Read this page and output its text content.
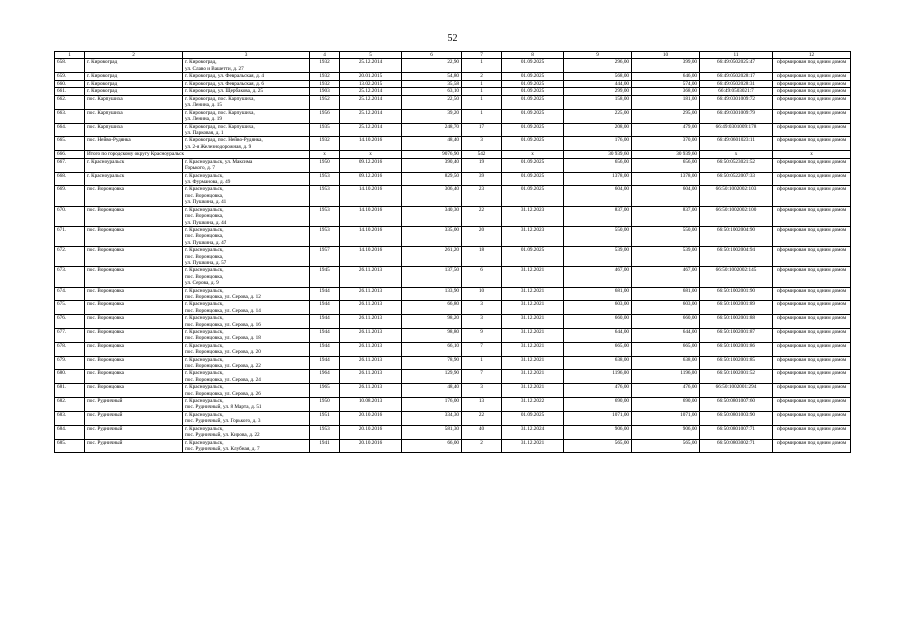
52
1	2	3	4	5	6	7	8	9	10	11	12
658.	г. Кировоград	г. Кировоград,
ул. Славо и Вашетти, д. 27	1932	25.12.2014	22,90	1	01.09.2025	296,00	399,00	66:49:0502025:47	сформирован под одним домом
659.	г. Кировоград	г. Кировоград, ул. Февральская, д. 4	1932	20.01.2015	54,80	2	01.09.2025	568,00	646,00	66:49:0502028:17	сформирован под одним домом
660.	г. Кировоград	г. Кировоград, ул. Февральская, д. 6	1932	13.02.2015	35,58	1	01.09.2025	444,00	574,00	66:49:0502028:31	сформирован под одним домом
661.	г. Кировоград	г. Кировоград, ул. Щербакова, д. 25	1903	25.12.2014	63,10	1	01.09.2025	299,00	368,00	66:49:0503021:7	сформирован под одним домом
662.	пос. Карпушиха	г. Кировоград, пос. Карпушиха,
ул. Ленина, д. 15	1952	25.12.2014	22,50	1	01.09.2025	158,00	181,00	66:49:0301009:72	сформирован под одним домом
663.	пос. Карпушиха	г. Кировоград, пос. Карпушиха,
ул. Ленина, д. 19	1956	25.12.2014	39,20	1	01.09.2025	225,00	295,00	66:49:0301009:79	сформирован под одним домом
664.	пос. Карпушиха	г. Кировоград, пос. Карпушиха,
ул. Парковая, д. 1	1935	25.12.2014	248,70	17	01.09.2025	208,00	479,00	66:49:0301009:178	сформирован под одним домом
665.	пос. Нейво-Рудянка	г. Кировоград, пос. Нейво-Рудянка,
ул. 2-я Железнодорожная, д. 9	1932	14.10.2016	48,40	3	01.09.2025	176,00	370,00	66:49:0601023:11	сформирован под одним домом
666.	Итого по городскому округу Красноуральск		x	x	9076,90	542	x	30 939,60	30 939,60	x	x
667.	г. Красноуральск	г. Красноуральск, ул. Максима
Горького, д. 7	1950	09.12.2016	390,40	19	01.09.2025	656,00	656,00	66:50:0523021:52	сформирован под одним домом
668.	г. Красноуральск	г. Красноуральск,
ул. Фурманова, д. 49	1953	09.12.2016	829,50	39	01.09.2025	1378,00	1378,00	66:50:0522007:33	сформирован под одним домом
669.	пос. Воронцовка	г. Красноуральск,
пос. Воронцовка,
ул. Пушкина, д. 41	1953	14.10.2016	306,40	23	01.09.2025	604,00	604,00	66:50:1002002:103	сформирован под одним домом
670.	пос. Воронцовка	г. Красноуральск,
пос. Воронцовка,
ул. Пушкина, д. 44	1953	14.10.2016	340,30	22	31.12.2023	837,00	837,00	66:50:1002002:100	сформирован под одним домом
671.	пос. Воронцовка	г. Красноуральск,
пос. Воронцовка,
ул. Пушкина, д. 47	1953	14.10.2016	335,00	20	31.12.2023	550,00	550,00	66:50:1002004:90	сформирован под одним домом
672.	пос. Воронцовка	г. Красноуральск,
пос. Воронцовка,
ул. Пушкина, д. 57	1957	14.10.2016	261,20	18	01.09.2025	539,00	539,00	66:50:1002004:94	сформирован под одним домом
673.	пос. Воронцовка	г. Красноуральск,
пос. Воронцовка,
ул. Серова, д. 9	1945	26.11.2013	137,50	6	31.12.2021	467,00	467,00	66:50:1002002:145	сформирован под одним домом
674.	пос. Воронцовка	г. Красноуральск,
пос. Воронцовка, ул. Серова, д. 12	1944	26.11.2013	133,90	10	31.12.2021	681,00	681,00	66:50:1002001:90	сформирован под одним домом
675.	пос. Воронцовка	г. Красноуральск,
пос. Воронцовка, ул. Серова, д. 14	1944	26.11.2013	66,80	3	31.12.2021	603,00	603,00	66:50:1002001:89	сформирован под одним домом
676.	пос. Воронцовка	г. Красноуральск,
пос. Воронцовка, ул. Серова, д. 16	1944	26.11.2013	98,20	3	31.12.2021	660,00	660,00	66:50:1002001:88	сформирован под одним домом
677.	пос. Воронцовка	г. Красноуральск,
пос. Воронцовка, ул. Серова, д. 18	1944	26.11.2013	98,80	9	31.12.2021	644,00	644,00	66:50:1002001:87	сформирован под одним домом
678.	пос. Воронцовка	г. Красноуральск,
пос. Воронцовка, ул. Серова, д. 20	1944	26.11.2013	66,10	7	31.12.2021	665,00	665,00	66:50:1002001:86	сформирован под одним домом
679.	пос. Воронцовка	г. Красноуральск,
пос. Воронцовка, ул. Серова, д. 22	1944	26.11.2013	78,90	1	31.12.2021	638,00	638,00	66:50:1002001:85	сформирован под одним домом
680.	пос. Воронцовка	г. Красноуральск,
пос. Воронцовка, ул. Серова, д. 24	1964	26.11.2013	129,90	7	31.12.2021	1196,00	1196,00	66:50:1002001:52	сформирован под одним домом
681.	пос. Воронцовка	г. Красноуральск,
пос. Воронцовка, ул. Серова, д. 26	1965	26.11.2013	48,40	3	31.12.2021	476,00	476,00	66:50:1002001:294	сформирован под одним домом
682.	пос. Рудничный	г. Красноуральск,
пос. Рудничный, ул. 8 Марта, д. 51	1950	10.08.2013	176,00	13	31.12.2022	690,00	690,00	66:50:0801007:60	сформирован под одним домом
683.	пос. Рудничный	г. Красноуральск,
пос. Рудничный, ул. Горького, д. 3	1951	20.10.2016	334,30	22	01.09.2025	1071,00	1071,00	66:50:0801003:90	сформирован под одним домом
684.	пос. Рудничный	г. Красноуральск,
пос. Рудничный, ул. Кирова, д. 22	1953	20.10.2016	581,30	40	31.12.2024	906,00	906,00	66:50:0801007:71	сформирован под одним домом
685.	пос. Рудничный	г. Красноуральск,
пос. Рудничный, ул. Клубная, д. 7	1941	20.10.2016	66,00	2	31.12.2021	565,00	565,00	66:50:0803002:71	сформирован под одним домом
